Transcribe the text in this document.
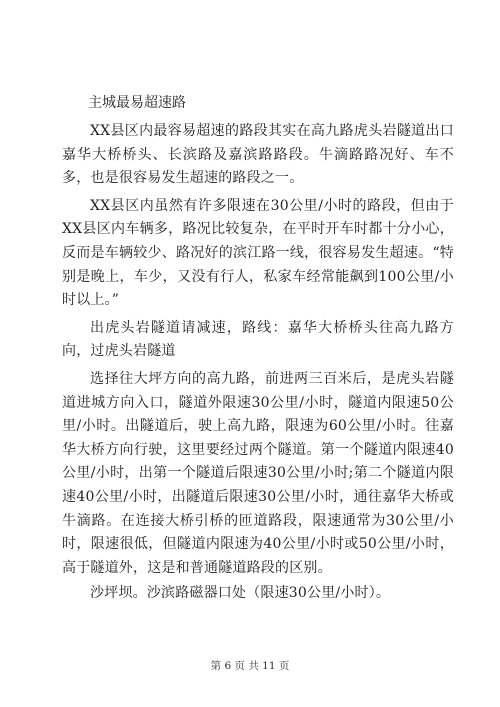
主城最易超速路

XX县区内最容易超速的路段其实在高九路虎头岩隧道出口嘉华大桥桥头、长滨路及嘉滨路路段。牛滴路路况好、车不多，也是很容易发生超速的路段之一。

XX县区内虽然有许多限速在30公里/小时的路段，但由于XX县区内车辆多，路况比较复杂，在平时开车时都十分小心，反而是车辆较少、路况好的滨江路一线，很容易发生超速。“特别是晚上，车少，又没有行人，私家车经常能飙到100公里/小时以上。”

出虎头岩隧道请减速，路线：嘉华大桥桥头往高九路方向，过虎头岩隧道

选择往大坪方向的高九路，前进两三百米后，是虎头岩隧道进城方向入口，隧道外限速30公里/小时，隧道内限速50公里/小时。出隧道后，驶上高九路，限速为60公里/小时。往嘉华大桥方向行驶，这里要经过两个隧道。第一个隧道内限速40公里/小时，出第一个隧道后限速30公里/小时;第二个隧道内限速40公里/小时，出隧道后限速30公里/小时，通往嘉华大桥或牛滴路。在连接大桥引桥的匝道路段，限速通常为30公里/小时，限速很低，但隧道内限速为40公里/小时或50公里/小时，高于隧道外，这是和普通隧道路段的区别。

沙坪坝。沙滨路磁器口处（限速30公里/小时）。

第 6 页 共 11 页
